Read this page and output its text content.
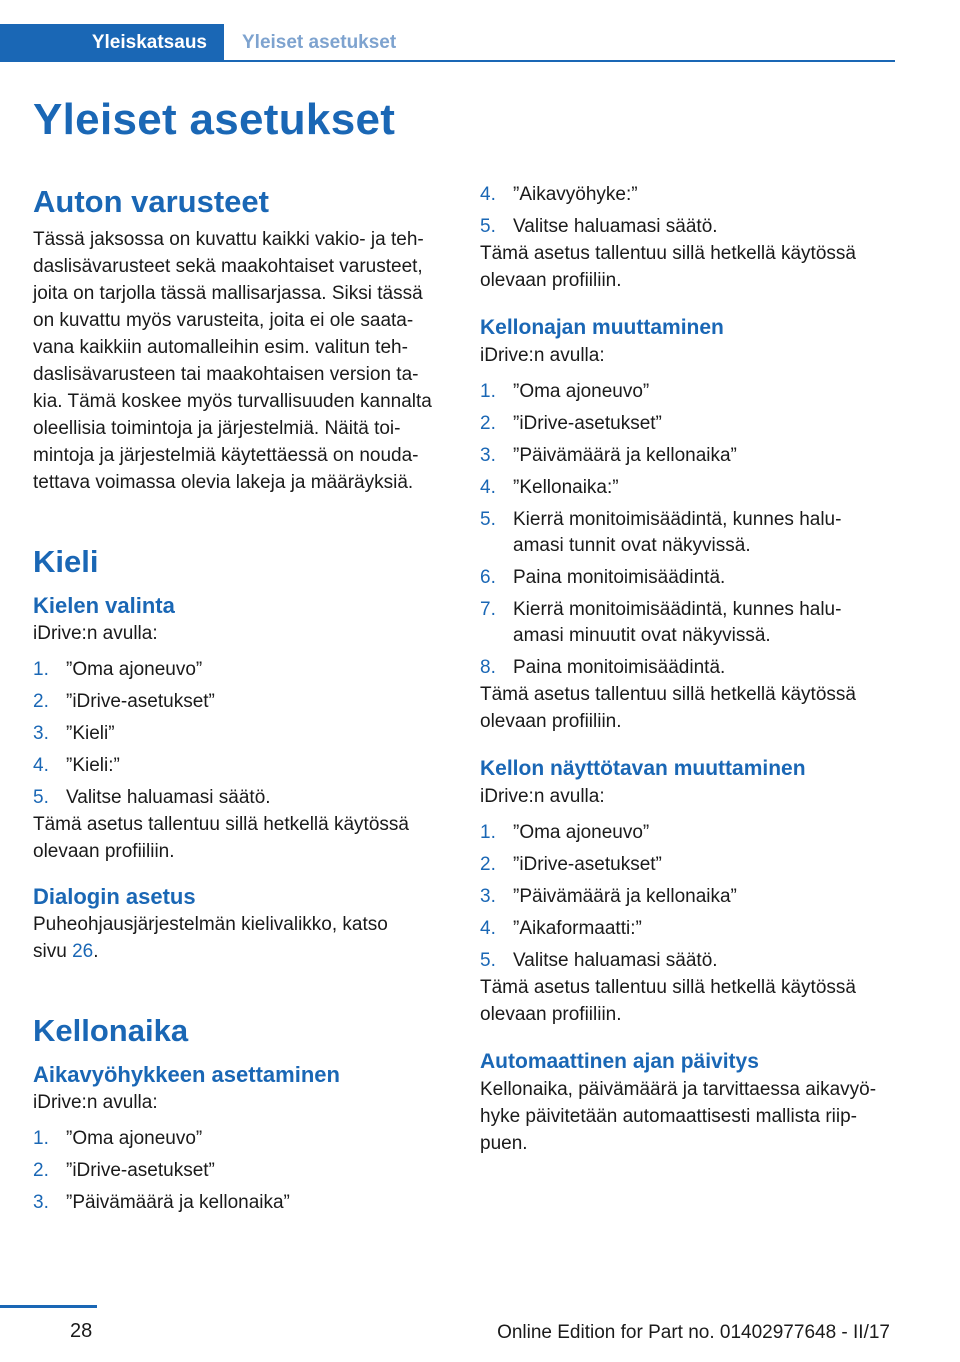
Yleiskatsaus	Yleiset asetukset
Yleiset asetukset
Auton varusteet

Tässä jaksossa on kuvattu kaikki vakio- ja teh‐

daslisävarusteet sekä maakohtaiset varusteet,

joita on tarjolla tässä mallisarjassa. Siksi tässä

on kuvattu myös varusteita, joita ei ole saata‐

vana kaikkiin automalleihin esim. valitun teh‐

daslisävarusteen tai maakohtaisen version ta‐

kia. Tämä koskee myös turvallisuuden kannalta

oleellisia toimintoja ja järjestelmiä. Näitä toi‐

mintoja ja järjestelmiä käytettäessä on nouda‐

tettava voimassa olevia lakeja ja määräyksiä.

Kieli
Kielen valinta

iDrive:n avulla:

1. ”Oma ajoneuvo”
2. ”iDrive-asetukset”
3. ”Kieli”
4. ”Kieli:”
5. Valitse haluamasi säätö.

Tämä asetus tallentuu sillä hetkellä käytössä

olevaan profiiliin.

Dialogin asetus

Puheohjausjärjestelmän kielivalikko, katso

sivu 26.

Kellonaika
Aikavyöhykkeen asettaminen

iDrive:n avulla:

1. ”Oma ajoneuvo”
2. ”iDrive-asetukset”
3. ”Päivämäärä ja kellonaika”
4. ”Aikavyöhyke:”
5. Valitse haluamasi säätö.

Tämä asetus tallentuu sillä hetkellä käytössä

olevaan profiiliin.

Kellonajan muuttaminen

iDrive:n avulla:

1. ”Oma ajoneuvo”
2. ”iDrive-asetukset”
3. ”Päivämäärä ja kellonaika”
4. ”Kellonaika:”
5. Kierrä monitoimisäädintä, kunnes halu‐
amasi tunnit ovat näkyvissä.
6. Paina monitoimisäädintä.
7. Kierrä monitoimisäädintä, kunnes halu‐
amasi minuutit ovat näkyvissä.
8. Paina monitoimisäädintä.

Tämä asetus tallentuu sillä hetkellä käytössä

olevaan profiiliin.

Kellon näyttötavan muuttaminen

iDrive:n avulla:

1. ”Oma ajoneuvo”
2. ”iDrive-asetukset”
3. ”Päivämäärä ja kellonaika”
4. ”Aikaformaatti:”
5. Valitse haluamasi säätö.

Tämä asetus tallentuu sillä hetkellä käytössä

olevaan profiiliin.

Automaattinen ajan päivitys

Kellonaika, päivämäärä ja tarvittaessa aikavyö‐

hyke päivitetään automaattisesti mallista riip‐

puen.

28	Online Edition for Part no. 01402977648 - II/17
